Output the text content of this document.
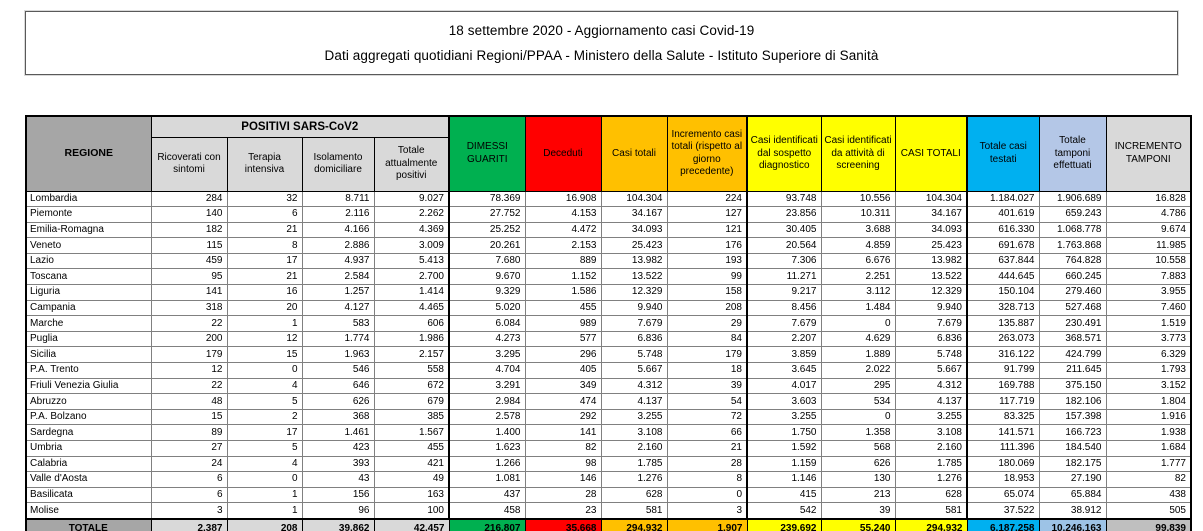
18 settembre 2020 - Aggiornamento casi Covid-19
Dati aggregati quotidiani Regioni/PPAA - Ministero della Salute - Istituto Superiore di Sanità
REGIONE	POSITIVI SARS-CoV2				DIMESSI GUARITI	Deceduti	Casi totali	Incremento casi totali (rispetto al giorno precedente)	Casi identificati dal sospetto diagnostico	Casi identificati da attività di screening	CASI TOTALI	Totale casi testati	Totale tamponi effettuati	INCREMENTO TAMPONI
	Ricoverati con sintomi	Terapia intensiva	Isolamento domiciliare	Totale attualmente positivi										
Lombardia	284	32	8.711	9.027	78.369	16.908	104.304	224	93.748	10.556	104.304	1.184.027	1.906.689	16.828
Piemonte	140	6	2.116	2.262	27.752	4.153	34.167	127	23.856	10.311	34.167	401.619	659.243	4.786
Emilia-Romagna	182	21	4.166	4.369	25.252	4.472	34.093	121	30.405	3.688	34.093	616.330	1.068.778	9.674
Veneto	115	8	2.886	3.009	20.261	2.153	25.423	176	20.564	4.859	25.423	691.678	1.763.868	11.985
Lazio	459	17	4.937	5.413	7.680	889	13.982	193	7.306	6.676	13.982	637.844	764.828	10.558
Toscana	95	21	2.584	2.700	9.670	1.152	13.522	99	11.271	2.251	13.522	444.645	660.245	7.883
Liguria	141	16	1.257	1.414	9.329	1.586	12.329	158	9.217	3.112	12.329	150.104	279.460	3.955
Campania	318	20	4.127	4.465	5.020	455	9.940	208	8.456	1.484	9.940	328.713	527.468	7.460
Marche	22	1	583	606	6.084	989	7.679	29	7.679	0	7.679	135.887	230.491	1.519
Puglia	200	12	1.774	1.986	4.273	577	6.836	84	2.207	4.629	6.836	263.073	368.571	3.773
Sicilia	179	15	1.963	2.157	3.295	296	5.748	179	3.859	1.889	5.748	316.122	424.799	6.329
P.A. Trento	12	0	546	558	4.704	405	5.667	18	3.645	2.022	5.667	91.799	211.645	1.793
Friuli Venezia Giulia	22	4	646	672	3.291	349	4.312	39	4.017	295	4.312	169.788	375.150	3.152
Abruzzo	48	5	626	679	2.984	474	4.137	54	3.603	534	4.137	117.719	182.106	1.804
P.A. Bolzano	15	2	368	385	2.578	292	3.255	72	3.255	0	3.255	83.325	157.398	1.916
Sardegna	89	17	1.461	1.567	1.400	141	3.108	66	1.750	1.358	3.108	141.571	166.723	1.938
Umbria	27	5	423	455	1.623	82	2.160	21	1.592	568	2.160	111.396	184.540	1.684
Calabria	24	4	393	421	1.266	98	1.785	28	1.159	626	1.785	180.069	182.175	1.777
Valle d'Aosta	6	0	43	49	1.081	146	1.276	8	1.146	130	1.276	18.953	27.190	82
Basilicata	6	1	156	163	437	28	628	0	415	213	628	65.074	65.884	438
Molise	3	1	96	100	458	23	581	3	542	39	581	37.522	38.912	505
TOTALE	2.387	208	39.862	42.457	216.807	35.668	294.932	1.907	239.692	55.240	294.932	6.187.258	10.246.163	99.839
